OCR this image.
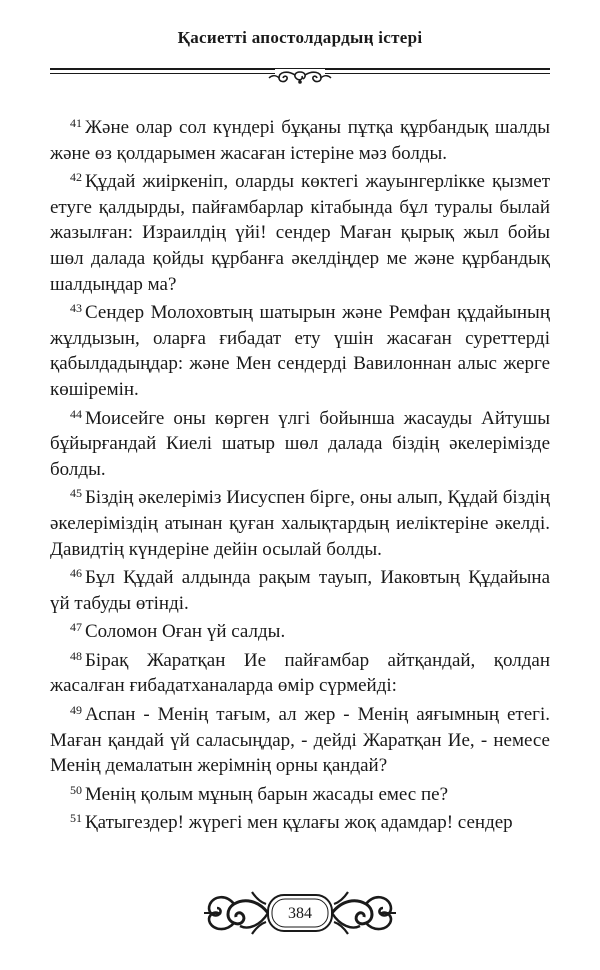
Қасиетті апостолдардың істері

$^{41}$ Және олар сол күндері бұқаны пұтқа құрбандық шалды және өз қолдарымен жасаған істеріне мәз болды.

$^{42}$ Құдай жиіркеніп, оларды көктегі жауынгерлікке қызмет етуге қалдырды, пайғамбарлар кітабында бұл туралы былай жазылған: Израилдің үйі! сендер Маған қырық жыл бойы шөл далада қойды құрбанға әкелдіңдер ме және құрбандық шалдыңдар ма?

$^{43}$ Сендер Молоховтың шатырын және Ремфан құдайының жұлдызын, оларға ғибадат ету үшін жасаған суреттерді қабылдадыңдар: және Мен сендерді Вавилоннан алыс жерге көшіремін.

$^{44}$ Моисейге оны көрген үлгі бойынша жасауды Айтушы бұйырғандай Киелі шатыр шөл далада біздің әкелерімізде болды.

$^{45}$ Біздің әкелеріміз Иисуспен бірге, оны алып, Құдай біздің әкелеріміздің атынан қуған халықтардың иеліктеріне әкелді. Давидтің күндеріне дейін осылай болды.

$^{46}$ Бұл Құдай алдында рақым тауып, Иаковтың Құдайына үй табуды өтінді.

$^{47}$ Соломон Оған үй салды.

$^{48}$ Бірақ Жаратқан Ие пайғамбар айтқандай, қолдан жасалған ғибадатханаларда өмір сүрмейді:

$^{49}$ Аспан - Менің тағым, ал жер - Менің аяғымның етегі. Маған қандай үй саласыңдар, - дейді Жаратқан Ие, - немесе Менің демалатын жерімнің орны қандай?

$^{50}$ Менің қолым мұның барын жасады емес пе?

$^{51}$ Қатыгездер! жүрегі мен құлағы жоқ адамдар! сендер

384
